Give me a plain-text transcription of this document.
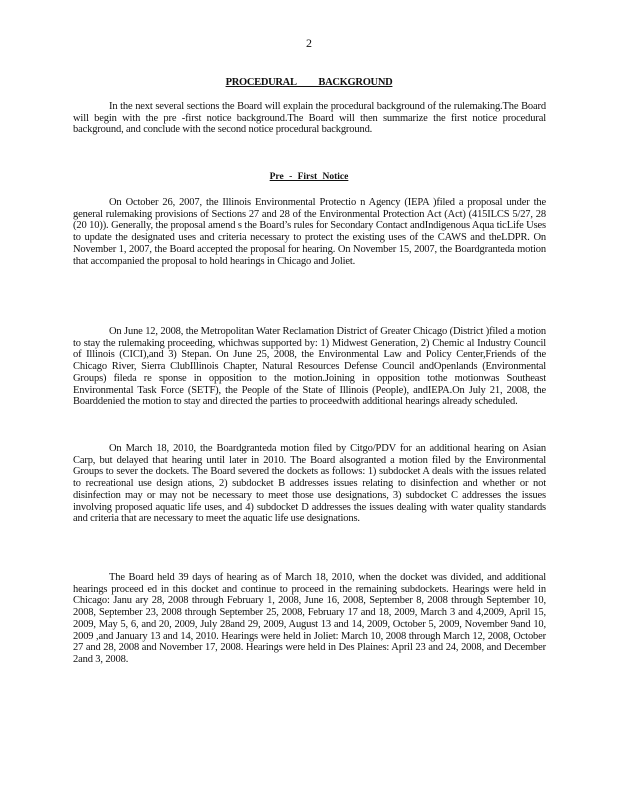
2
PROCEDURAL BACKGROUND

In the next several sections the Board will explain the procedural background of the rulemaking.The Board will begin with the pre -first notice background.The Board will then summarize the first notice procedural background, and conclude with the second notice procedural background.

Pre - First Notice

On October 26, 2007, the Illinois Environmental Protectio n Agency (IEPA )filed a proposal under the general rulemaking provisions of Sections 27 and 28 of the Environmental Protection Act (Act) (415ILCS 5/27, 28 (20 10)). Generally, the proposal amend s the Board’s rules for Secondary Contact andIndigenous Aqua ticLife Uses to update the designated uses and criteria necessary to protect the existing uses of the CAWS and theLDPR. On November 1, 2007, the Board accepted the proposal for hearing. On November 15, 2007, the Boardgranteda motion that accompanied the proposal to hold hearings in Chicago and Joliet.

On June 12, 2008, the Metropolitan Water Reclamation District of Greater Chicago (District )filed a motion to stay the rulemaking proceeding, whichwas supported by: 1) Midwest Generation, 2) Chemic al Industry Council of Illinois (CICI),and 3) Stepan. On June 25, 2008, the Environmental Law and Policy Center,Friends of the Chicago River, Sierra ClubIllinois Chapter, Natural Resources Defense Council andOpenlands (Environmental Groups) fileda re sponse in opposition to the motion.Joining in opposition tothe motionwas Southeast Environmental Task Force (SETF), the People of the State of Illinois (People), andIEPA.On July 21, 2008, the Boarddenied the motion to stay and directed the parties to proceedwith additional hearings already scheduled.

On March 18, 2010, the Boardgranteda motion filed by Citgo/PDV for an additional hearing on Asian Carp, but delayed that hearing until later in 2010. The Board alsogranted a motion filed by the Environmental Groups to sever the dockets. The Board severed the dockets as follows: 1) subdocket A deals with the issues related to recreational use design ations, 2) subdocket B addresses issues relating to disinfection and whether or not disinfection may or may not be necessary to meet those use designations, 3) subdocket C addresses the issues involving proposed aquatic life uses, and 4) subdocket D addresses the issues dealing with water quality standards and criteria that are necessary to meet the aquatic life use designations.

The Board held 39 days of hearing as of March 18, 2010, when the docket was divided, and additional hearings proceed ed in this docket and continue to proceed in the remaining subdockets. Hearings were held in Chicago: Janu ary 28, 2008 through February 1, 2008, June 16, 2008, September 8, 2008 through September 10, 2008, September 23, 2008 through September 25, 2008, February 17 and 18, 2009, March 3 and 4,2009, April 15, 2009, May 5, 6, and 20, 2009, July 28and 29, 2009, August 13 and 14, 2009, October 5, 2009, November 9and 10, 2009 ,and January 13 and 14, 2010. Hearings were held in Joliet: March 10, 2008 through March 12, 2008, October 27 and 28, 2008 and November 17, 2008. Hearings were held in Des Plaines: April 23 and 24, 2008, and December 2and 3, 2008.
